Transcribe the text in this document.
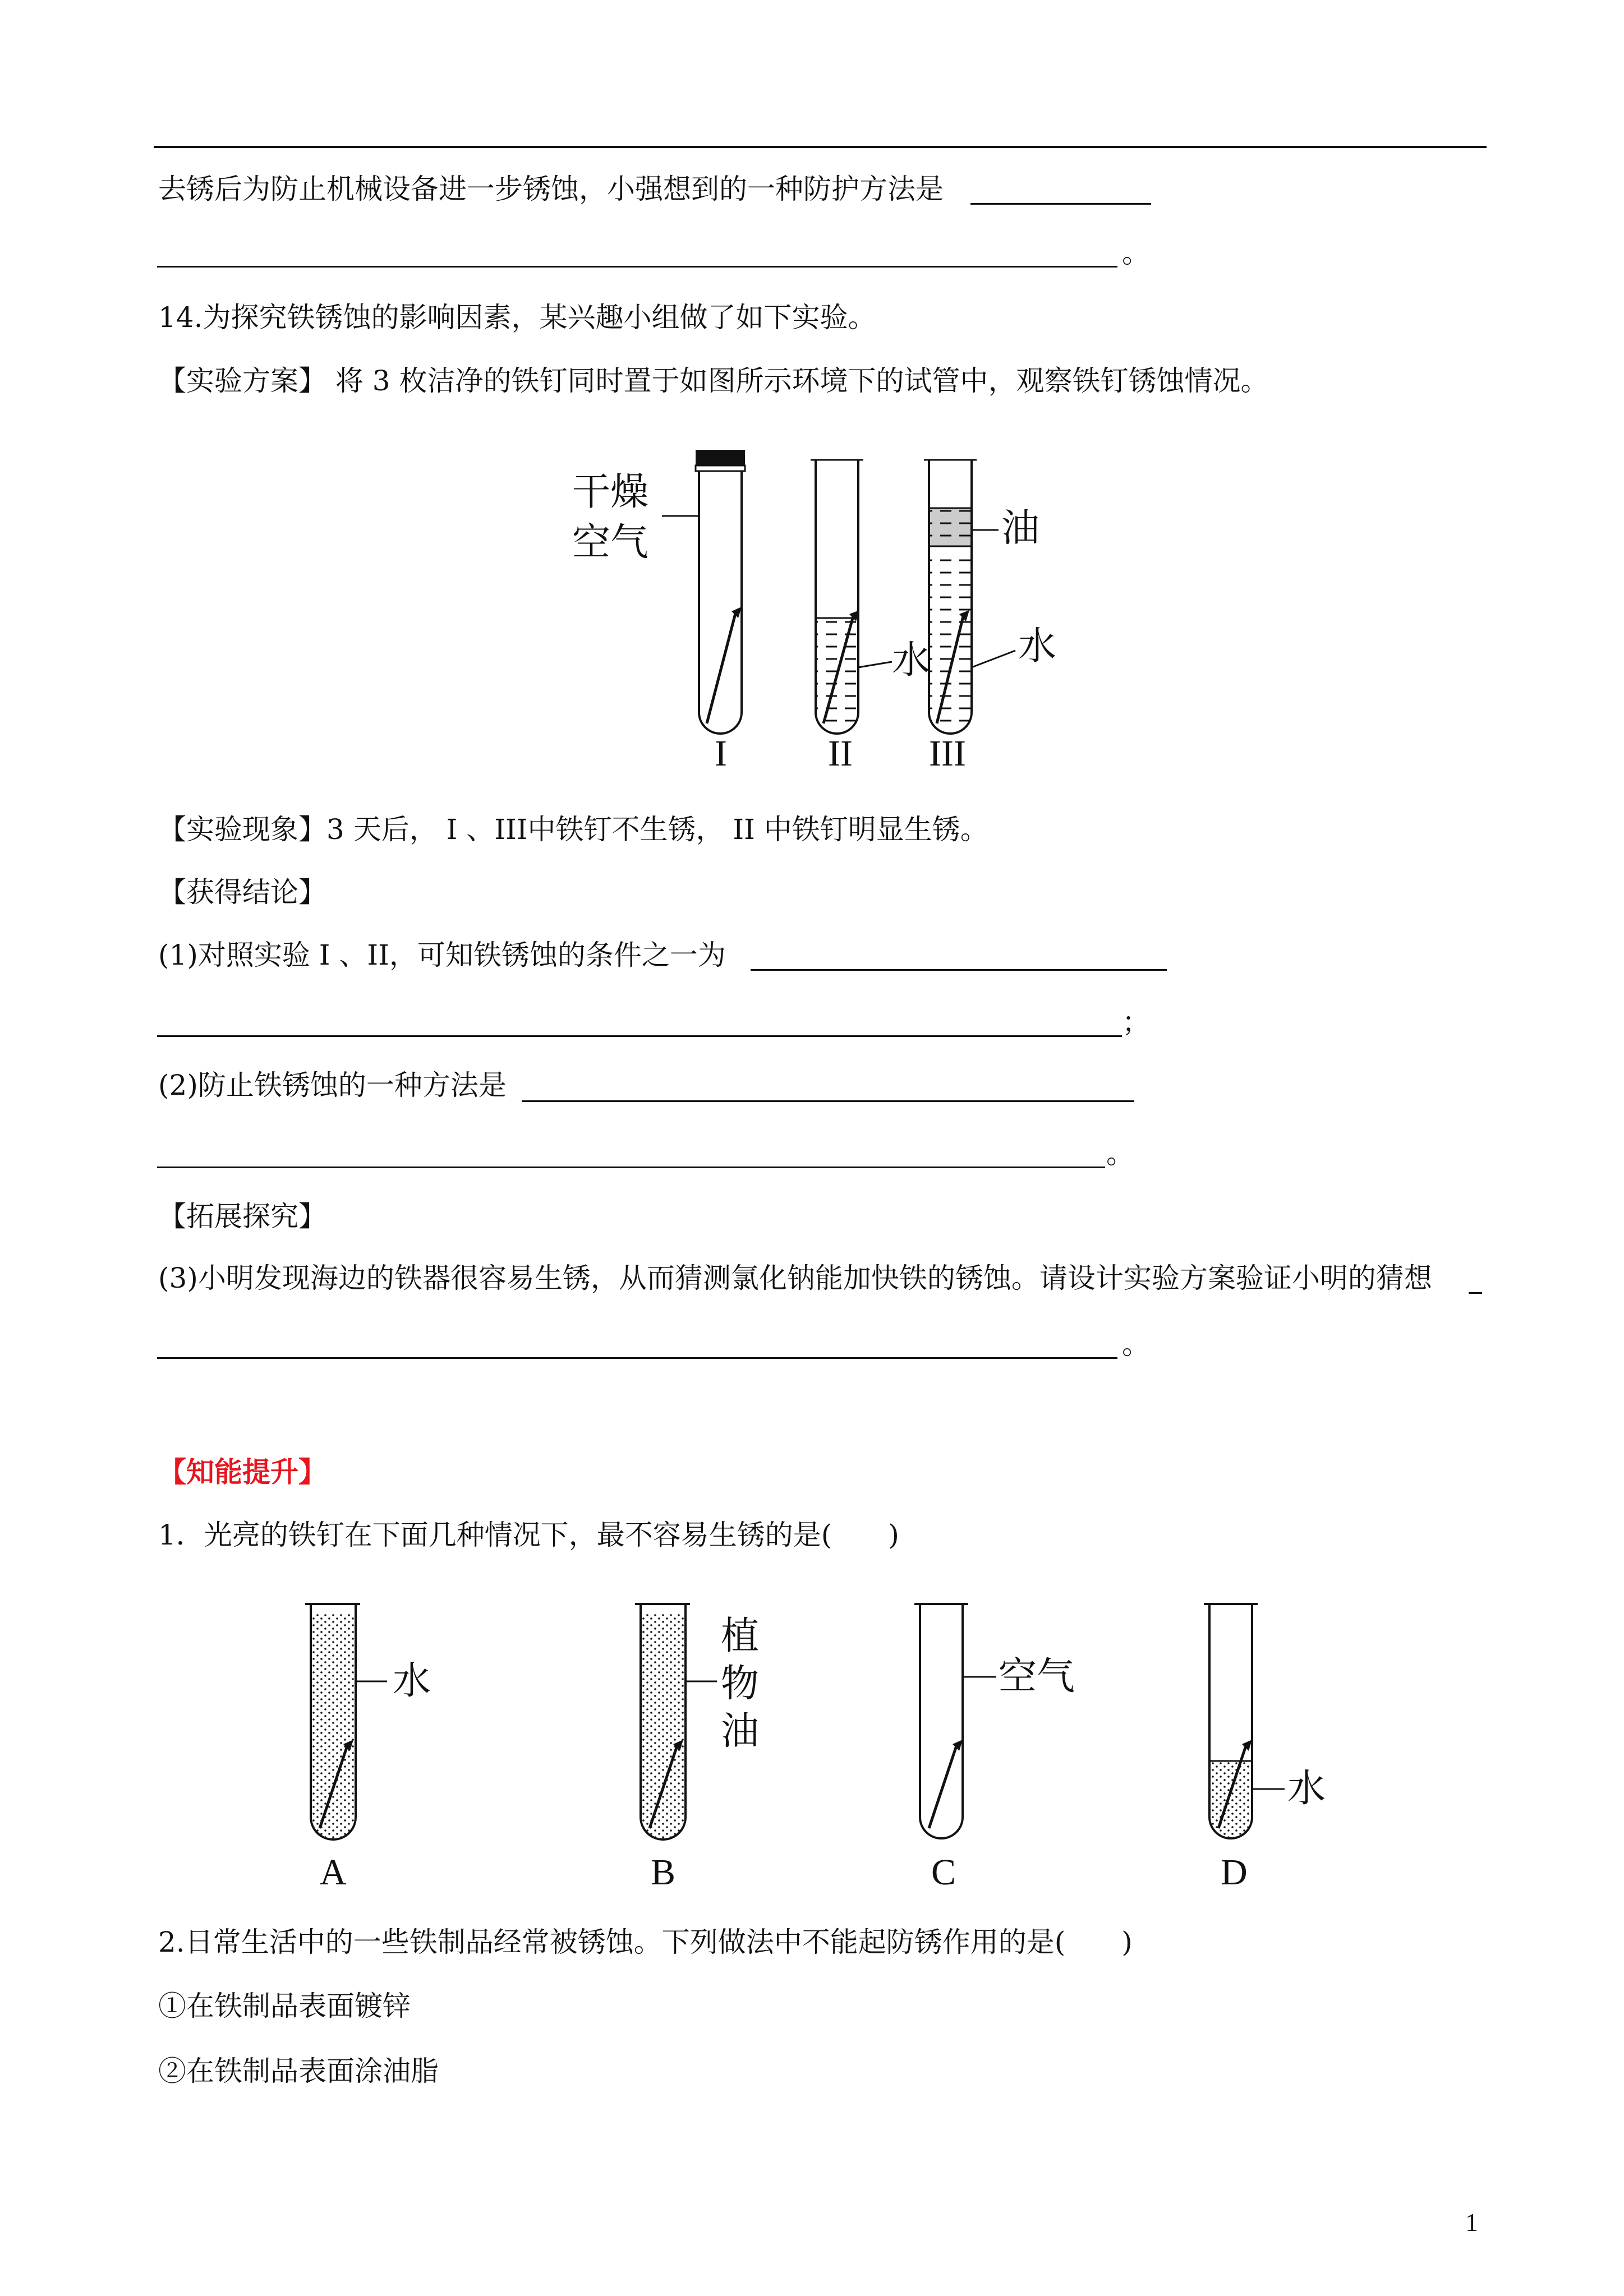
去锈后为防止机械设备进一步锈蚀，小强想到的一种防护方法是
。
14.为探究铁锈蚀的影响因素，某兴趣小组做了如下实验。
【实验方案】 将 3 枚洁净的铁钉同时置于如图所示环境下的试管中，观察铁钉锈蚀情况。
干燥
空气
I
水
II
油
水
III
【实验现象】3 天后， I 、III中铁钉不生锈， II 中铁钉明显生锈。
【获得结论】
(1)对照实验 I 、II，可知铁锈蚀的条件之一为
；
(2)防止铁锈蚀的一种方法是
。
【拓展探究】
(3)小明发现海边的铁器很容易生锈，从而猜测氯化钠能加快铁的锈蚀。请设计实验方案验证小明的猜想
。
【知能提升】
1．光亮的铁钉在下面几种情况下，最不容易生锈的是(　　)
水
A
植
物
油
B
空气
C
水
D
2.日常生活中的一些铁制品经常被锈蚀。下列做法中不能起防锈作用的是(　　)
①在铁制品表面镀锌
②在铁制品表面涂油脂
1
